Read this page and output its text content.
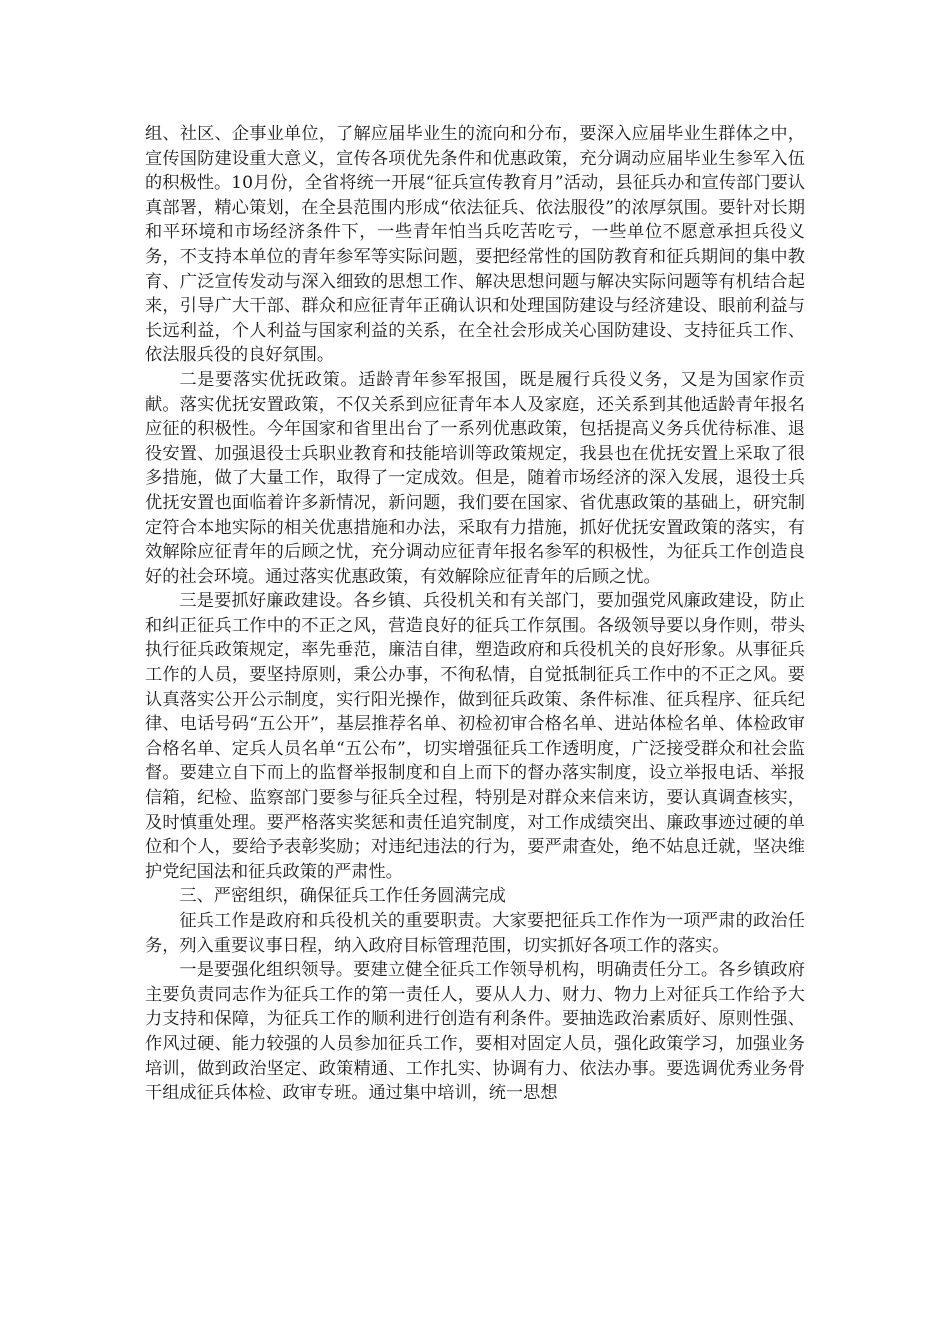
组、社区、企事业单位，了解应届毕业生的流向和分布，要深入应届毕业生群体之中，宣传国防建设重大意义，宣传各项优先条件和优惠政策，充分调动应届毕业生参军入伍的积极性。10月份，全省将统一开展“征兵宣传教育月”活动，县征兵办和宣传部门要认真部署，精心策划，在全县范围内形成“依法征兵、依法服役”的浓厚氛围。要针对长期和平环境和市场经济条件下，一些青年怕当兵吃苦吃亏，一些单位不愿意承担兵役义务，不支持本单位的青年参军等实际问题，要把经常性的国防教育和征兵期间的集中教育、广泛宣传发动与深入细致的思想工作、解决思想问题与解决实际问题等有机结合起来，引导广大干部、群众和应征青年正确认识和处理国防建设与经济建设、眼前利益与长远利益，个人利益与国家利益的关系，在全社会形成关心国防建设、支持征兵工作、依法服兵役的良好氛围。

二是要落实优抚政策。适龄青年参军报国，既是履行兵役义务，又是为国家作贡献。落实优抚安置政策，不仅关系到应征青年本人及家庭，还关系到其他适龄青年报名应征的积极性。今年国家和省里出台了一系列优惠政策，包括提高义务兵优待标准、退役安置、加强退役士兵职业教育和技能培训等政策规定，我县也在优抚安置上采取了很多措施，做了大量工作，取得了一定成效。但是，随着市场经济的深入发展，退役士兵优抚安置也面临着许多新情况，新问题，我们要在国家、省优惠政策的基础上，研究制定符合本地实际的相关优惠措施和办法，采取有力措施，抓好优抚安置政策的落实，有效解除应征青年的后顾之忧，充分调动应征青年报名参军的积极性，为征兵工作创造良好的社会环境。通过落实优惠政策，有效解除应征青年的后顾之忧。

三是要抓好廉政建设。各乡镇、兵役机关和有关部门，要加强党风廉政建设，防止和纠正征兵工作中的不正之风，营造良好的征兵工作氛围。各级领导要以身作则，带头执行征兵政策规定，率先垂范，廉洁自律，塑造政府和兵役机关的良好形象。从事征兵工作的人员，要坚持原则，秉公办事，不徇私情，自觉抵制征兵工作中的不正之风。要认真落实公开公示制度，实行阳光操作，做到征兵政策、条件标准、征兵程序、征兵纪律、电话号码“五公开”，基层推荐名单、初检初审合格名单、进站体检名单、体检政审合格名单、定兵人员名单“五公布”，切实增强征兵工作透明度，广泛接受群众和社会监督。要建立自下而上的监督举报制度和自上而下的督办落实制度，设立举报电话、举报信箱，纪检、监察部门要参与征兵全过程，特别是对群众来信来访，要认真调查核实，及时慎重处理。要严格落实奖惩和责任追究制度，对工作成绩突出、廉政事迹过硬的单位和个人，要给予表彰奖励；对违纪违法的行为，要严肃查处，绝不姑息迁就，坚决维护党纪国法和征兵政策的严肃性。

三、严密组织，确保征兵工作任务圆满完成

征兵工作是政府和兵役机关的重要职责。大家要把征兵工作作为一项严肃的政治任务，列入重要议事日程，纳入政府目标管理范围，切实抓好各项工作的落实。

一是要强化组织领导。要建立健全征兵工作领导机构，明确责任分工。各乡镇政府主要负责同志作为征兵工作的第一责任人，要从人力、财力、物力上对征兵工作给予大力支持和保障，为征兵工作的顺利进行创造有利条件。要抽选政治素质好、原则性强、作风过硬、能力较强的人员参加征兵工作，要相对固定人员，强化政策学习，加强业务培训，做到政治坚定、政策精通、工作扎实、协调有力、依法办事。要选调优秀业务骨干组成征兵体检、政审专班。通过集中培训，统一思想
